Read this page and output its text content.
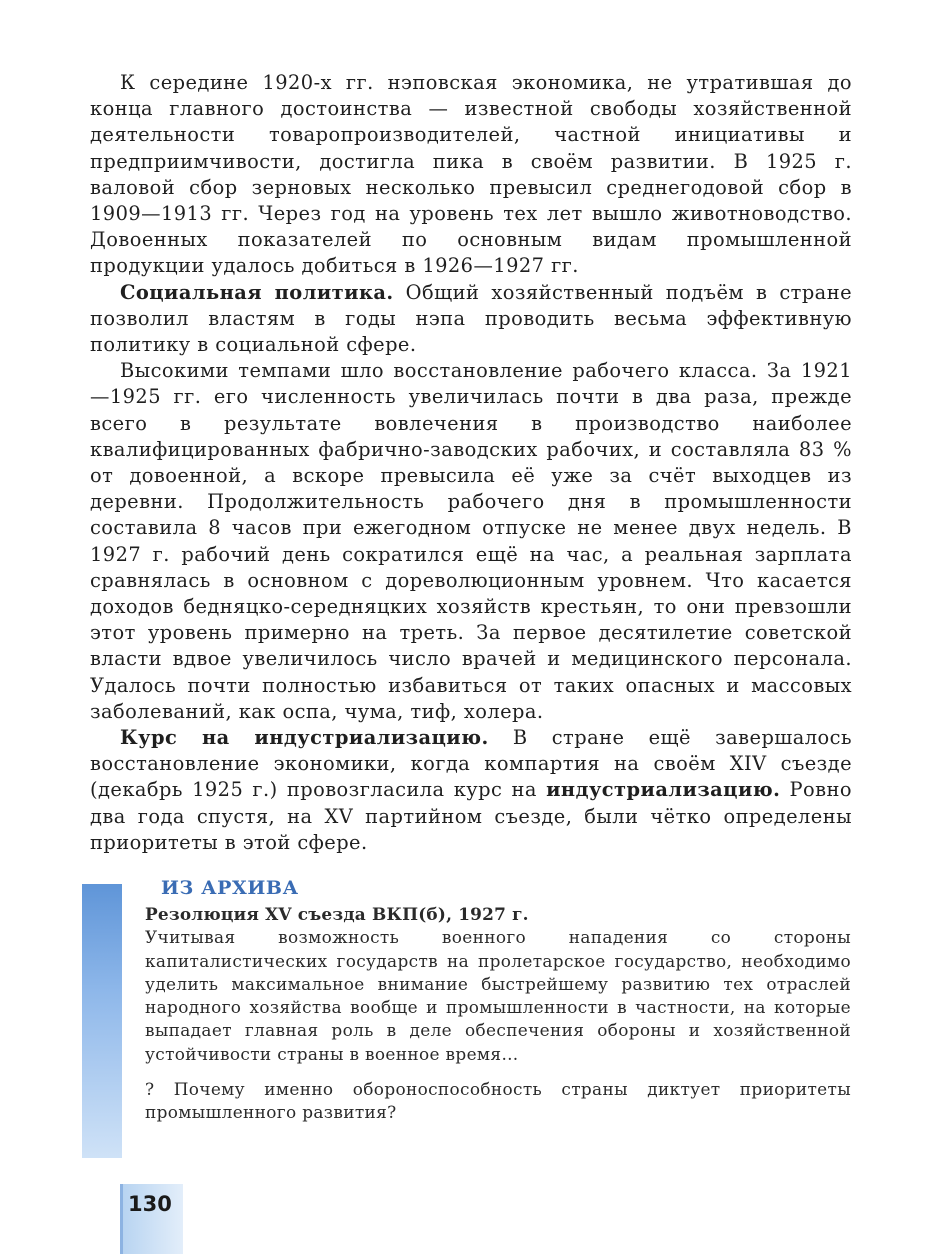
К середине 1920-х гг. нэповская экономика, не утратившая до конца главного достоинства — известной свободы хозяйственной деятельности товаропроизводителей, частной инициативы и предприимчивости, достигла пика в своём развитии. В 1925 г. валовой сбор зерновых несколько превысил среднегодовой сбор в 1909—1913 гг. Через год на уровень тех лет вышло животноводство. Довоенных показателей по основным видам промышленной продукции удалось добиться в 1926—1927 гг.

Социальная политика. Общий хозяйственный подъём в стране позволил властям в годы нэпа проводить весьма эффективную политику в социальной сфере.

Высокими темпами шло восстановление рабочего класса. За 1921—1925 гг. его численность увеличилась почти в два раза, прежде всего в результате вовлечения в производство наиболее квалифицированных фабрично-заводских рабочих, и составляла 83 % от довоенной, а вскоре превысила её уже за счёт выходцев из деревни. Продолжительность рабочего дня в промышленности составила 8 часов при ежегодном отпуске не менее двух недель. В 1927 г. рабочий день сократился ещё на час, а реальная зарплата сравнялась в основном с дореволюционным уровнем. Что касается доходов бедняцко-середняцких хозяйств крестьян, то они превзошли этот уровень примерно на треть. За первое десятилетие советской власти вдвое увеличилось число врачей и медицинского персонала. Удалось почти полностью избавиться от таких опасных и массовых заболеваний, как оспа, чума, тиф, холера.

Курс на индустриализацию. В стране ещё завершалось восстановление экономики, когда компартия на своём XIV съезде (декабрь 1925 г.) провозгласила курс на индустриализацию. Ровно два года спустя, на XV партийном съезде, были чётко определены приоритеты в этой сфере.

ИЗ АРХИВА

Резолюция XV съезда ВКП(б), 1927 г.

Учитывая возможность военного нападения со стороны капиталистических государств на пролетарское государство, необходимо уделить максимальное внимание быстрейшему развитию тех отраслей народного хозяйства вообще и промышленности в частности, на которые выпадает главная роль в деле обеспечения обороны и хозяйственной устойчивости страны в военное время…

? Почему именно обороноспособность страны диктует приоритеты промышленного развития?

130
